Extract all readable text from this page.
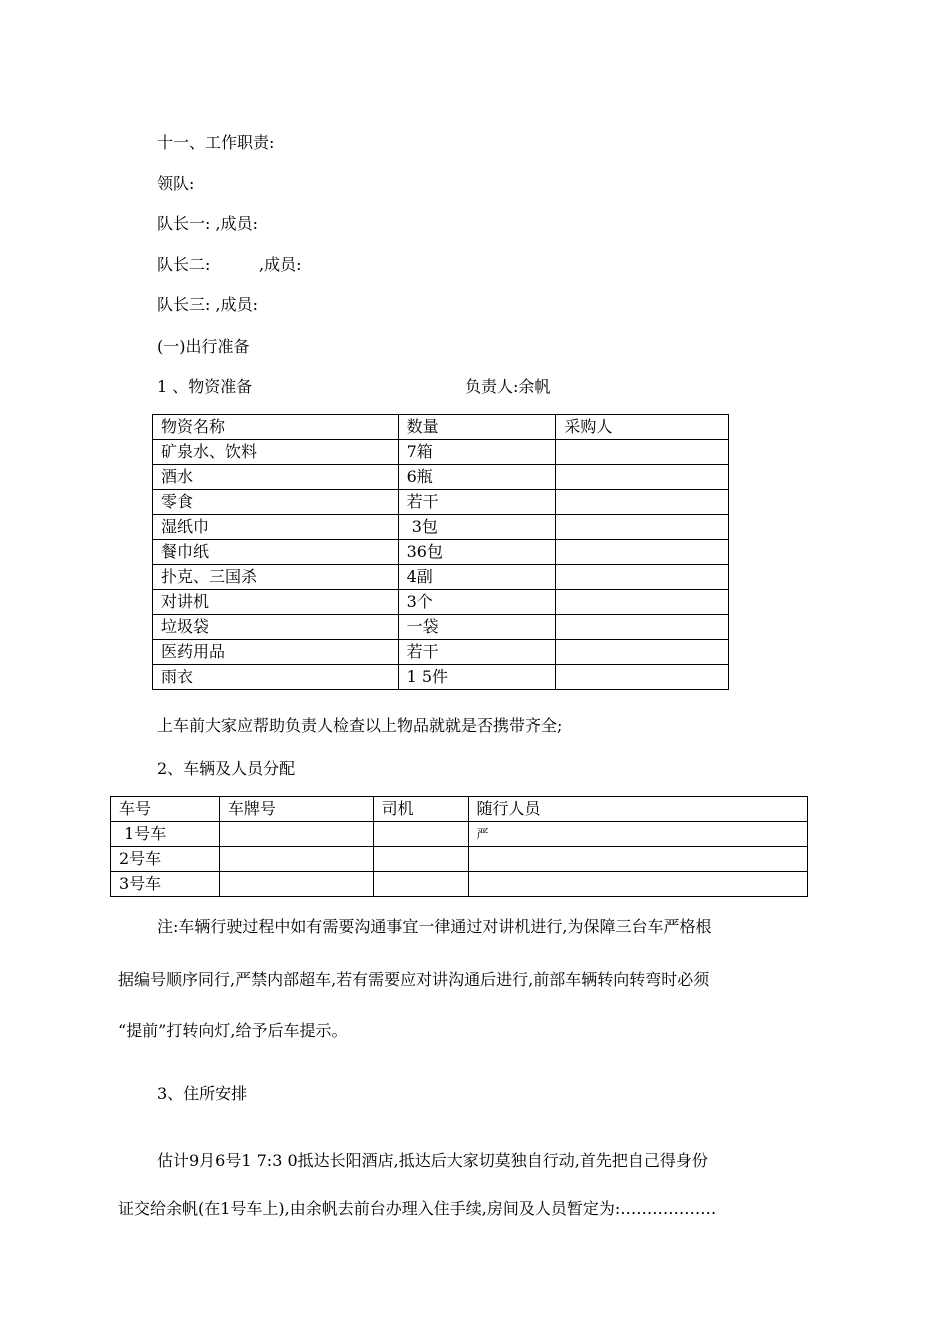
十一、工作职责:
领队:
队长一: ,成员:
队长二:	,成员:
队长三: ,成员:
(一)出行准备
1 、物资准备	负责人:余帆
物资名称	数量	采购人
矿泉水、饮料	7箱	
酒水	6瓶	
零食	若干	
湿纸巾	3包	
餐巾纸	36包	
扑克、三国杀	4副	
对讲机	3个	
垃圾袋	一袋	
医药用品	若干	
雨衣	1 5件	
上车前大家应帮助负责人检查以上物品就就是否携带齐全;
2、车辆及人员分配
车号	车牌号	司机	随行人员
1号车			严
2号车			
3号车			
注:车辆行驶过程中如有需要沟通事宜一律通过对讲机进行,为保障三台车严格根
据编号顺序同行,严禁内部超车,若有需要应对讲沟通后进行,前部车辆转向转弯时必须
“提前”打转向灯,给予后车提示。
3、住所安排
估计9月6号1 7:3 0抵达长阳酒店,抵达后大家切莫独自行动,首先把自己得身份
证交给余帆(在1号车上),由余帆去前台办理入住手续,房间及人员暂定为:………………
